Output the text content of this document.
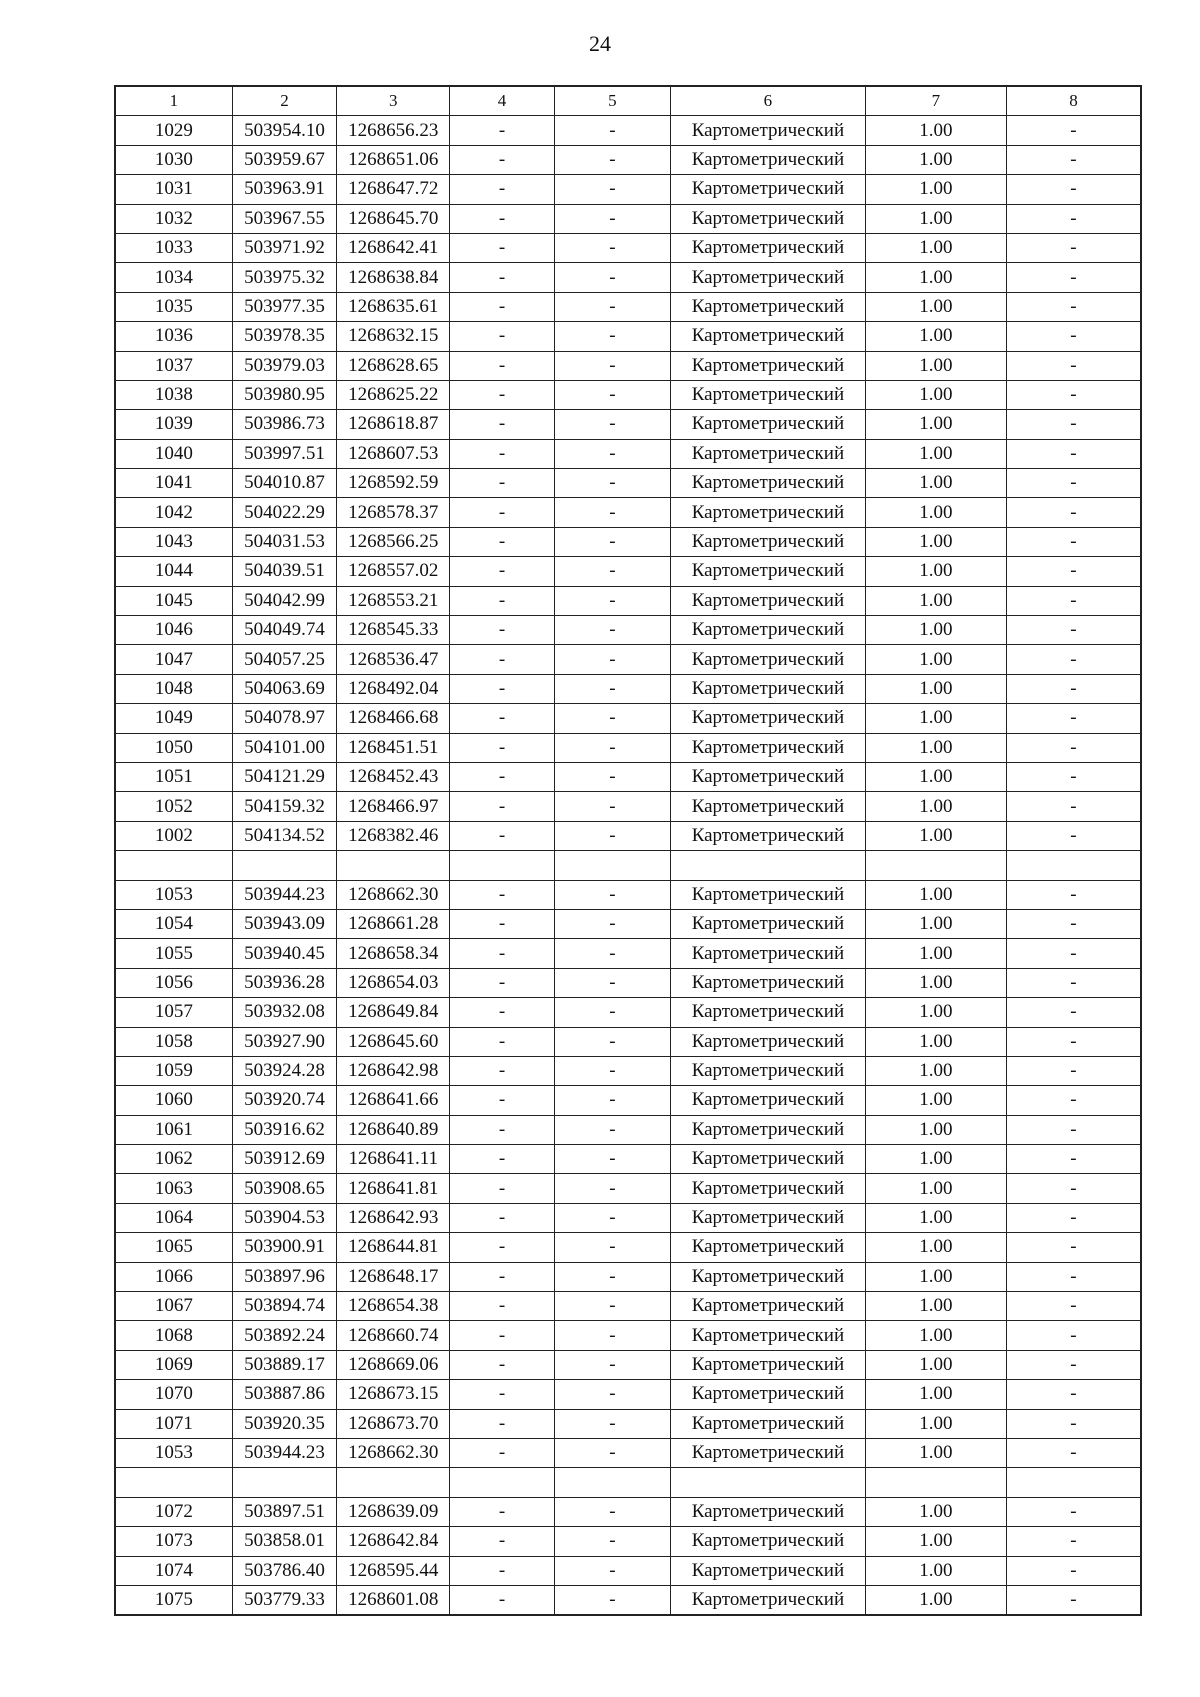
24
1	2	3	4	5	6	7	8
1029	503954.10	1268656.23	-	-	Картометрический	1.00	-
1030	503959.67	1268651.06	-	-	Картометрический	1.00	-
1031	503963.91	1268647.72	-	-	Картометрический	1.00	-
1032	503967.55	1268645.70	-	-	Картометрический	1.00	-
1033	503971.92	1268642.41	-	-	Картометрический	1.00	-
1034	503975.32	1268638.84	-	-	Картометрический	1.00	-
1035	503977.35	1268635.61	-	-	Картометрический	1.00	-
1036	503978.35	1268632.15	-	-	Картометрический	1.00	-
1037	503979.03	1268628.65	-	-	Картометрический	1.00	-
1038	503980.95	1268625.22	-	-	Картометрический	1.00	-
1039	503986.73	1268618.87	-	-	Картометрический	1.00	-
1040	503997.51	1268607.53	-	-	Картометрический	1.00	-
1041	504010.87	1268592.59	-	-	Картометрический	1.00	-
1042	504022.29	1268578.37	-	-	Картометрический	1.00	-
1043	504031.53	1268566.25	-	-	Картометрический	1.00	-
1044	504039.51	1268557.02	-	-	Картометрический	1.00	-
1045	504042.99	1268553.21	-	-	Картометрический	1.00	-
1046	504049.74	1268545.33	-	-	Картометрический	1.00	-
1047	504057.25	1268536.47	-	-	Картометрический	1.00	-
1048	504063.69	1268492.04	-	-	Картометрический	1.00	-
1049	504078.97	1268466.68	-	-	Картометрический	1.00	-
1050	504101.00	1268451.51	-	-	Картометрический	1.00	-
1051	504121.29	1268452.43	-	-	Картометрический	1.00	-
1052	504159.32	1268466.97	-	-	Картометрический	1.00	-
1002	504134.52	1268382.46	-	-	Картометрический	1.00	-

1053	503944.23	1268662.30	-	-	Картометрический	1.00	-
1054	503943.09	1268661.28	-	-	Картометрический	1.00	-
1055	503940.45	1268658.34	-	-	Картометрический	1.00	-
1056	503936.28	1268654.03	-	-	Картометрический	1.00	-
1057	503932.08	1268649.84	-	-	Картометрический	1.00	-
1058	503927.90	1268645.60	-	-	Картометрический	1.00	-
1059	503924.28	1268642.98	-	-	Картометрический	1.00	-
1060	503920.74	1268641.66	-	-	Картометрический	1.00	-
1061	503916.62	1268640.89	-	-	Картометрический	1.00	-
1062	503912.69	1268641.11	-	-	Картометрический	1.00	-
1063	503908.65	1268641.81	-	-	Картометрический	1.00	-
1064	503904.53	1268642.93	-	-	Картометрический	1.00	-
1065	503900.91	1268644.81	-	-	Картометрический	1.00	-
1066	503897.96	1268648.17	-	-	Картометрический	1.00	-
1067	503894.74	1268654.38	-	-	Картометрический	1.00	-
1068	503892.24	1268660.74	-	-	Картометрический	1.00	-
1069	503889.17	1268669.06	-	-	Картометрический	1.00	-
1070	503887.86	1268673.15	-	-	Картометрический	1.00	-
1071	503920.35	1268673.70	-	-	Картометрический	1.00	-
1053	503944.23	1268662.30	-	-	Картометрический	1.00	-

1072	503897.51	1268639.09	-	-	Картометрический	1.00	-
1073	503858.01	1268642.84	-	-	Картометрический	1.00	-
1074	503786.40	1268595.44	-	-	Картометрический	1.00	-
1075	503779.33	1268601.08	-	-	Картометрический	1.00	-
